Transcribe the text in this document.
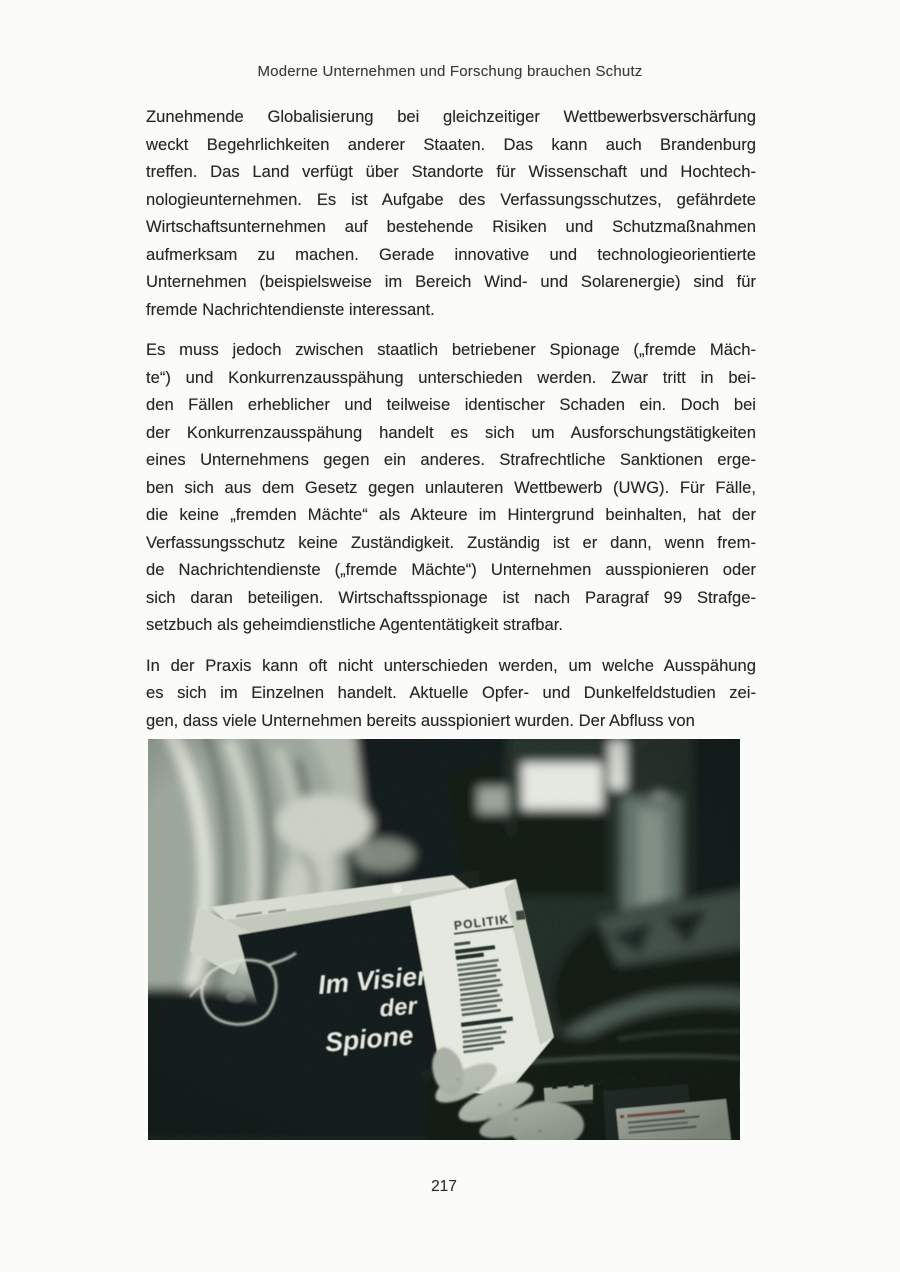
Moderne Unternehmen und Forschung brauchen Schutz
Zunehmende Globalisierung bei gleichzeitiger Wettbewerbsverschärfung
weckt Begehrlichkeiten anderer Staaten. Das kann auch Brandenburg
treffen. Das Land verfügt über Standorte für Wissenschaft und Hochtech-
nologieunternehmen. Es ist Aufgabe des Verfassungsschutzes, gefährdete
Wirtschaftsunternehmen auf bestehende Risiken und Schutzmaßnahmen
aufmerksam zu machen. Gerade innovative und technologieorientierte
Unternehmen (beispielsweise im Bereich Wind- und Solarenergie) sind für
fremde Nachrichtendienste interessant.
Es muss jedoch zwischen staatlich betriebener Spionage („fremde Mäch-
te“) und Konkurrenzausspähung unterschieden werden. Zwar tritt in bei-
den Fällen erheblicher und teilweise identischer Schaden ein. Doch bei
der Konkurrenzausspähung handelt es sich um Ausforschungstätigkeiten
eines Unternehmens gegen ein anderes. Strafrechtliche Sanktionen erge-
ben sich aus dem Gesetz gegen unlauteren Wettbewerb (UWG). Für Fälle,
die keine „fremden Mächte“ als Akteure im Hintergrund beinhalten, hat der
Verfassungsschutz keine Zuständigkeit. Zuständig ist er dann, wenn frem-
de Nachrichtendienste („fremde Mächte“) Unternehmen ausspionieren oder
sich daran beteiligen. Wirtschaftsspionage ist nach Paragraf 99 Strafge-
setzbuch als geheimdienstliche Agententätigkeit strafbar.
In der Praxis kann oft nicht unterschieden werden, um welche Ausspähung
es sich im Einzelnen handelt. Aktuelle Opfer- und Dunkelfeldstudien zei-
gen, dass viele Unternehmen bereits ausspioniert wurden. Der Abfluss von
217
